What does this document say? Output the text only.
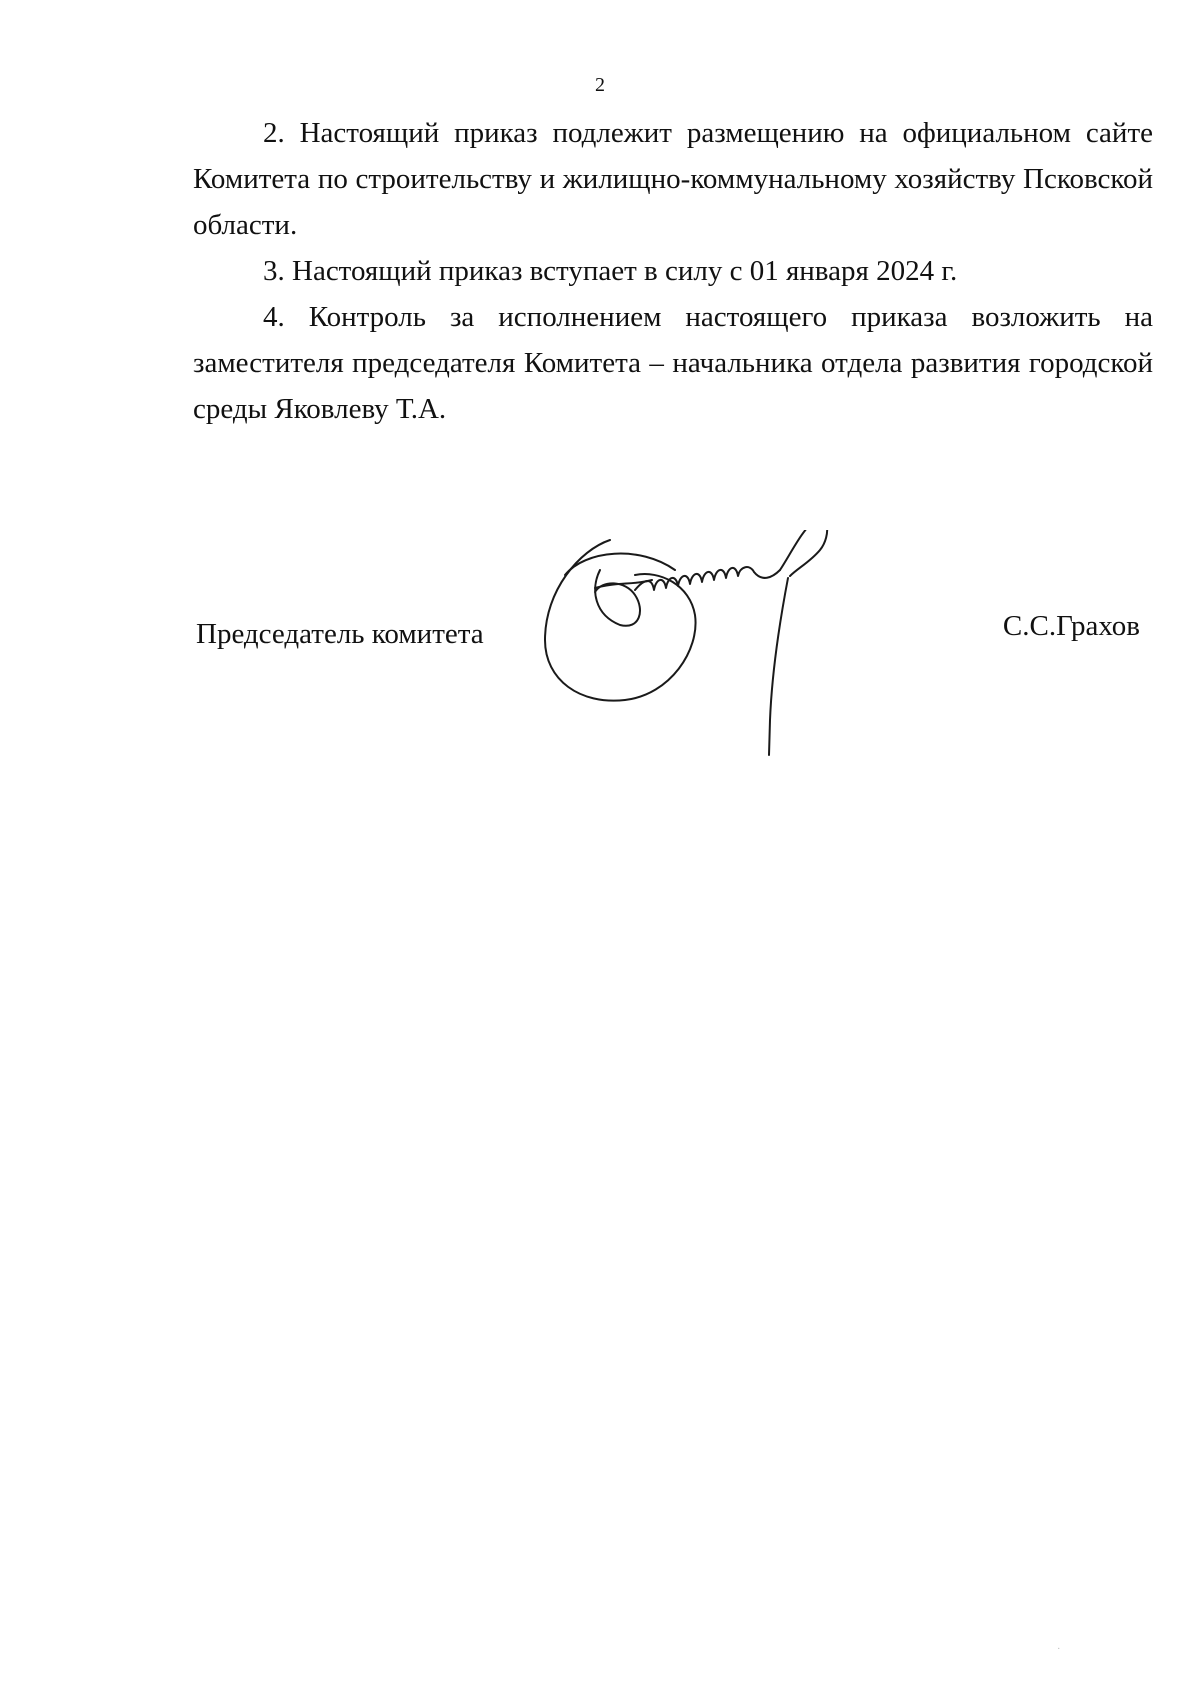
2

2. Настоящий приказ подлежит размещению на официальном сайте Комитета по строительству и жилищно-коммунальному хозяйству Псковской области.

3. Настоящий приказ вступает в силу с 01 января 2024 г.

4. Контроль за исполнением настоящего приказа возложить на заместителя председателя Комитета – начальника отдела развития городской среды Яковлеву Т.А.

Председатель комитета	С.С.Грахов
.
